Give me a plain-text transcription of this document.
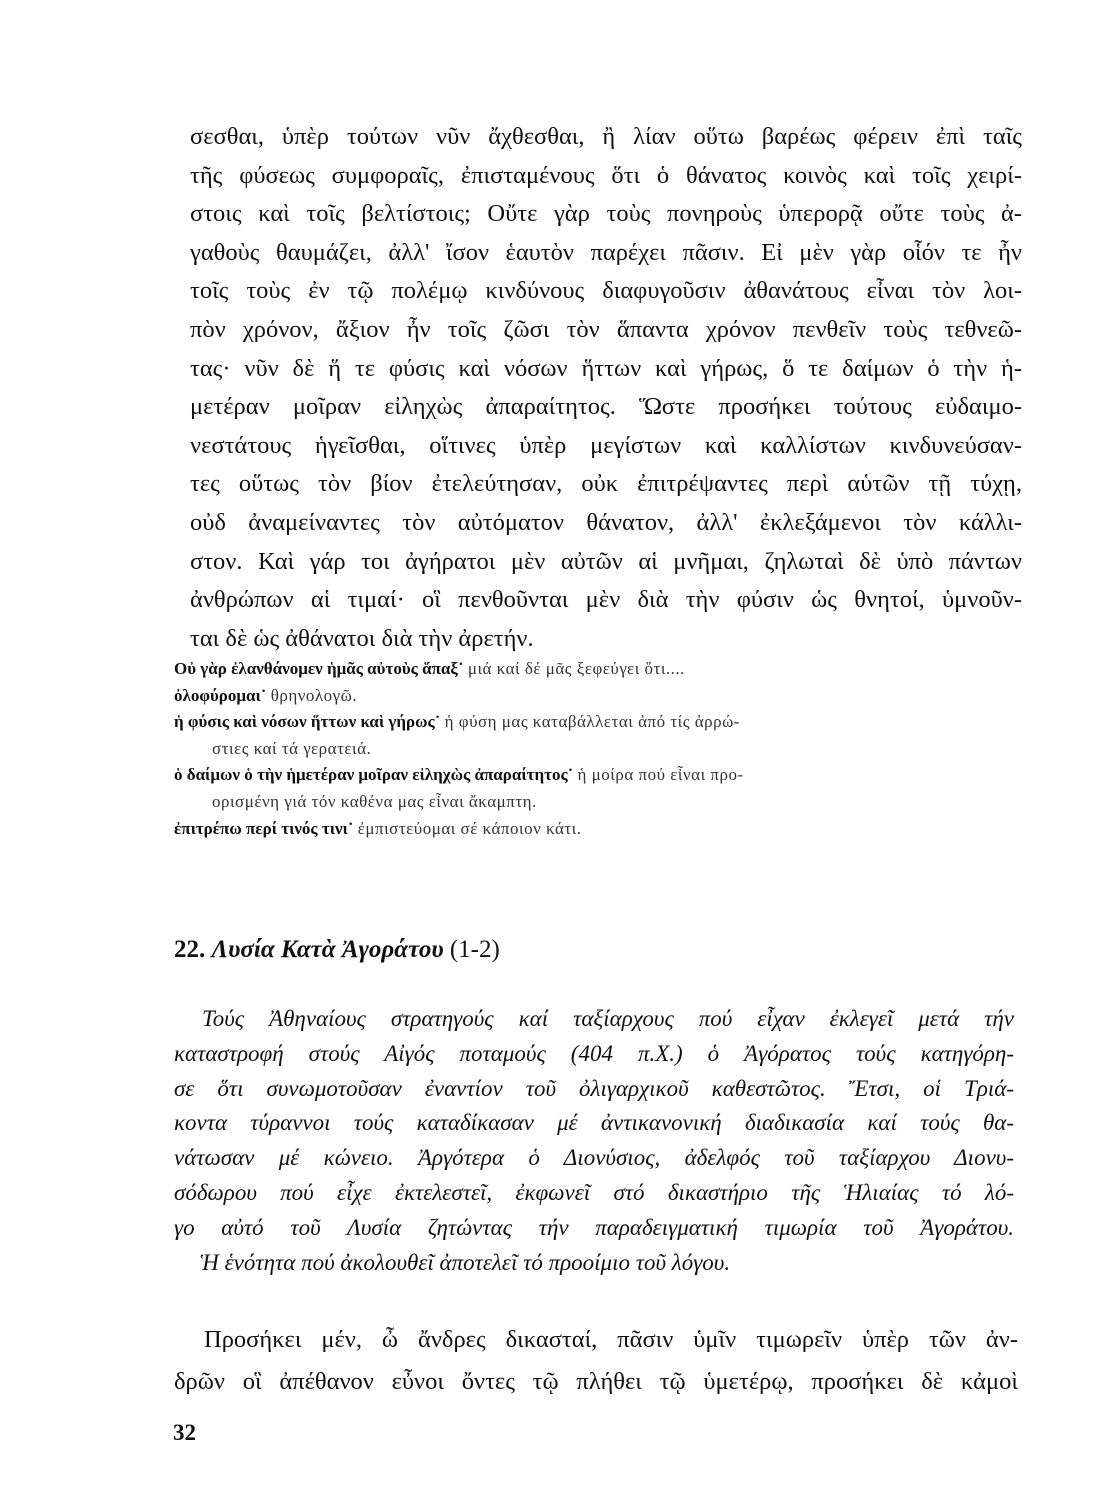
σεσθαι, ὑπὲρ τούτων νῦν ἄχθεσθαι, ἢ λίαν οὕτω βαρέως φέρειν ἐπὶ ταῖς
τῆς φύσεως συμφοραῖς, ἐπισταμένους ὅτι ὁ θάνατος κοινὸς καὶ τοῖς χειρί-
στοις καὶ τοῖς βελτίστοις; Οὔτε γὰρ τοὺς πονηροὺς ὑπερορᾷ οὔτε τοὺς ἀ-
γαθοὺς θαυμάζει, ἀλλ' ἴσον ἑαυτὸν παρέχει πᾶσιν. Εἰ μὲν γὰρ οἷόν τε ἦν
τοῖς τοὺς ἐν τῷ πολέμῳ κινδύνους διαφυγοῦσιν ἀθανάτους εἶναι τὸν λοι-
πὸν χρόνον, ἄξιον ἦν τοῖς ζῶσι τὸν ἅπαντα χρόνον πενθεῖν τοὺς τεθνεῶ-
τας· νῦν δὲ ἥ τε φύσις καὶ νόσων ἥττων καὶ γήρως, ὅ τε δαίμων ὁ τὴν ἡ-
μετέραν μοῖραν εἰληχὼς ἀπαραίτητος. Ὥστε προσήκει τούτους εὐδαιμο-
νεστάτους ἡγεῖσθαι, οἵτινες ὑπὲρ μεγίστων καὶ καλλίστων κινδυνεύσαν-
τες οὕτως τὸν βίον ἐτελεύτησαν, οὐκ ἐπιτρέψαντες περὶ αὑτῶν τῇ τύχῃ,
οὐδ ἀναμείναντες τὸν αὐτόματον θάνατον, ἀλλ' ἐκλεξάμενοι τὸν κάλλι-
στον. Καὶ γάρ τοι ἀγήρατοι μὲν αὐτῶν αἱ μνῆμαι, ζηλωταὶ δὲ ὑπὸ πάντων
ἀνθρώπων αἱ τιμαί· οἳ πενθοῦνται μὲν διὰ τὴν φύσιν ὡς θνητοί, ὑμνοῦν-
ται δὲ ὡς ἀθάνατοι διὰ τὴν ἀρετήν.
Οὐ γὰρ ἐλανθάνομεν ἡμᾶς αὐτοὺς ἅπαξ˙ μιά καί δέ μᾶς ξεφεύγει ὅτι....
ὀλοφύρομαι˙ θρηνολογῶ.
ἡ φύσις καὶ νόσων ἥττων καὶ γήρως˙ ἡ φύση μας καταβάλλεται ἀπό τίς ἀρρώ-
στιες καί τά γερατειά.
ὁ δαίμων ὁ τὴν ἡμετέραν μοῖραν εἰληχὼς ἀπαραίτητος˙ ἡ μοίρα πού εἶναι προ-
ορισμένη γιά τόν καθένα μας εἶναι ἄκαμπτη.
ἐπιτρέπω περί τινός τινι˙ ἐμπιστεύομαι σέ κάποιον κάτι.
22. Λυσία Κατὰ Ἀγοράτου (1-2)
Τούς Ἀθηναίους στρατηγούς καί ταξίαρχους πού εἶχαν ἐκλεγεῖ μετά τήν
καταστροφή στούς Αἰγός ποταμούς (404 π.Χ.) ὁ Ἀγόρατος τούς κατηγόρη-
σε ὅτι συνωμοτοῦσαν ἐναντίον τοῦ ὀλιγαρχικοῦ καθεστῶτος. Ἔτσι, οἱ Τριά-
κοντα τύραννοι τούς καταδίκασαν μέ ἀντικανονική διαδικασία καί τούς θα-
νάτωσαν μέ κώνειο. Ἀργότερα ὁ Διονύσιος, ἀδελφός τοῦ ταξίαρχου Διονυ-
σόδωρου πού εἶχε ἐκτελεστεῖ, ἐκφωνεῖ στό δικαστήριο τῆς Ἡλιαίας τό λό-
γο αὐτό τοῦ Λυσία ζητώντας τήν παραδειγματική τιμωρία τοῦ Ἀγοράτου.
Ἡ ἑνότητα πού ἀκολουθεῖ ἀποτελεῖ τό προοίμιο τοῦ λόγου.
Προσήκει μέν, ὦ ἄνδρες δικασταί, πᾶσιν ὑμῖν τιμωρεῖν ὑπὲρ τῶν ἀν-
δρῶν οἳ ἀπέθανον εὖνοι ὄντες τῷ πλήθει τῷ ὑμετέρῳ, προσήκει δὲ κἀμοὶ
32
